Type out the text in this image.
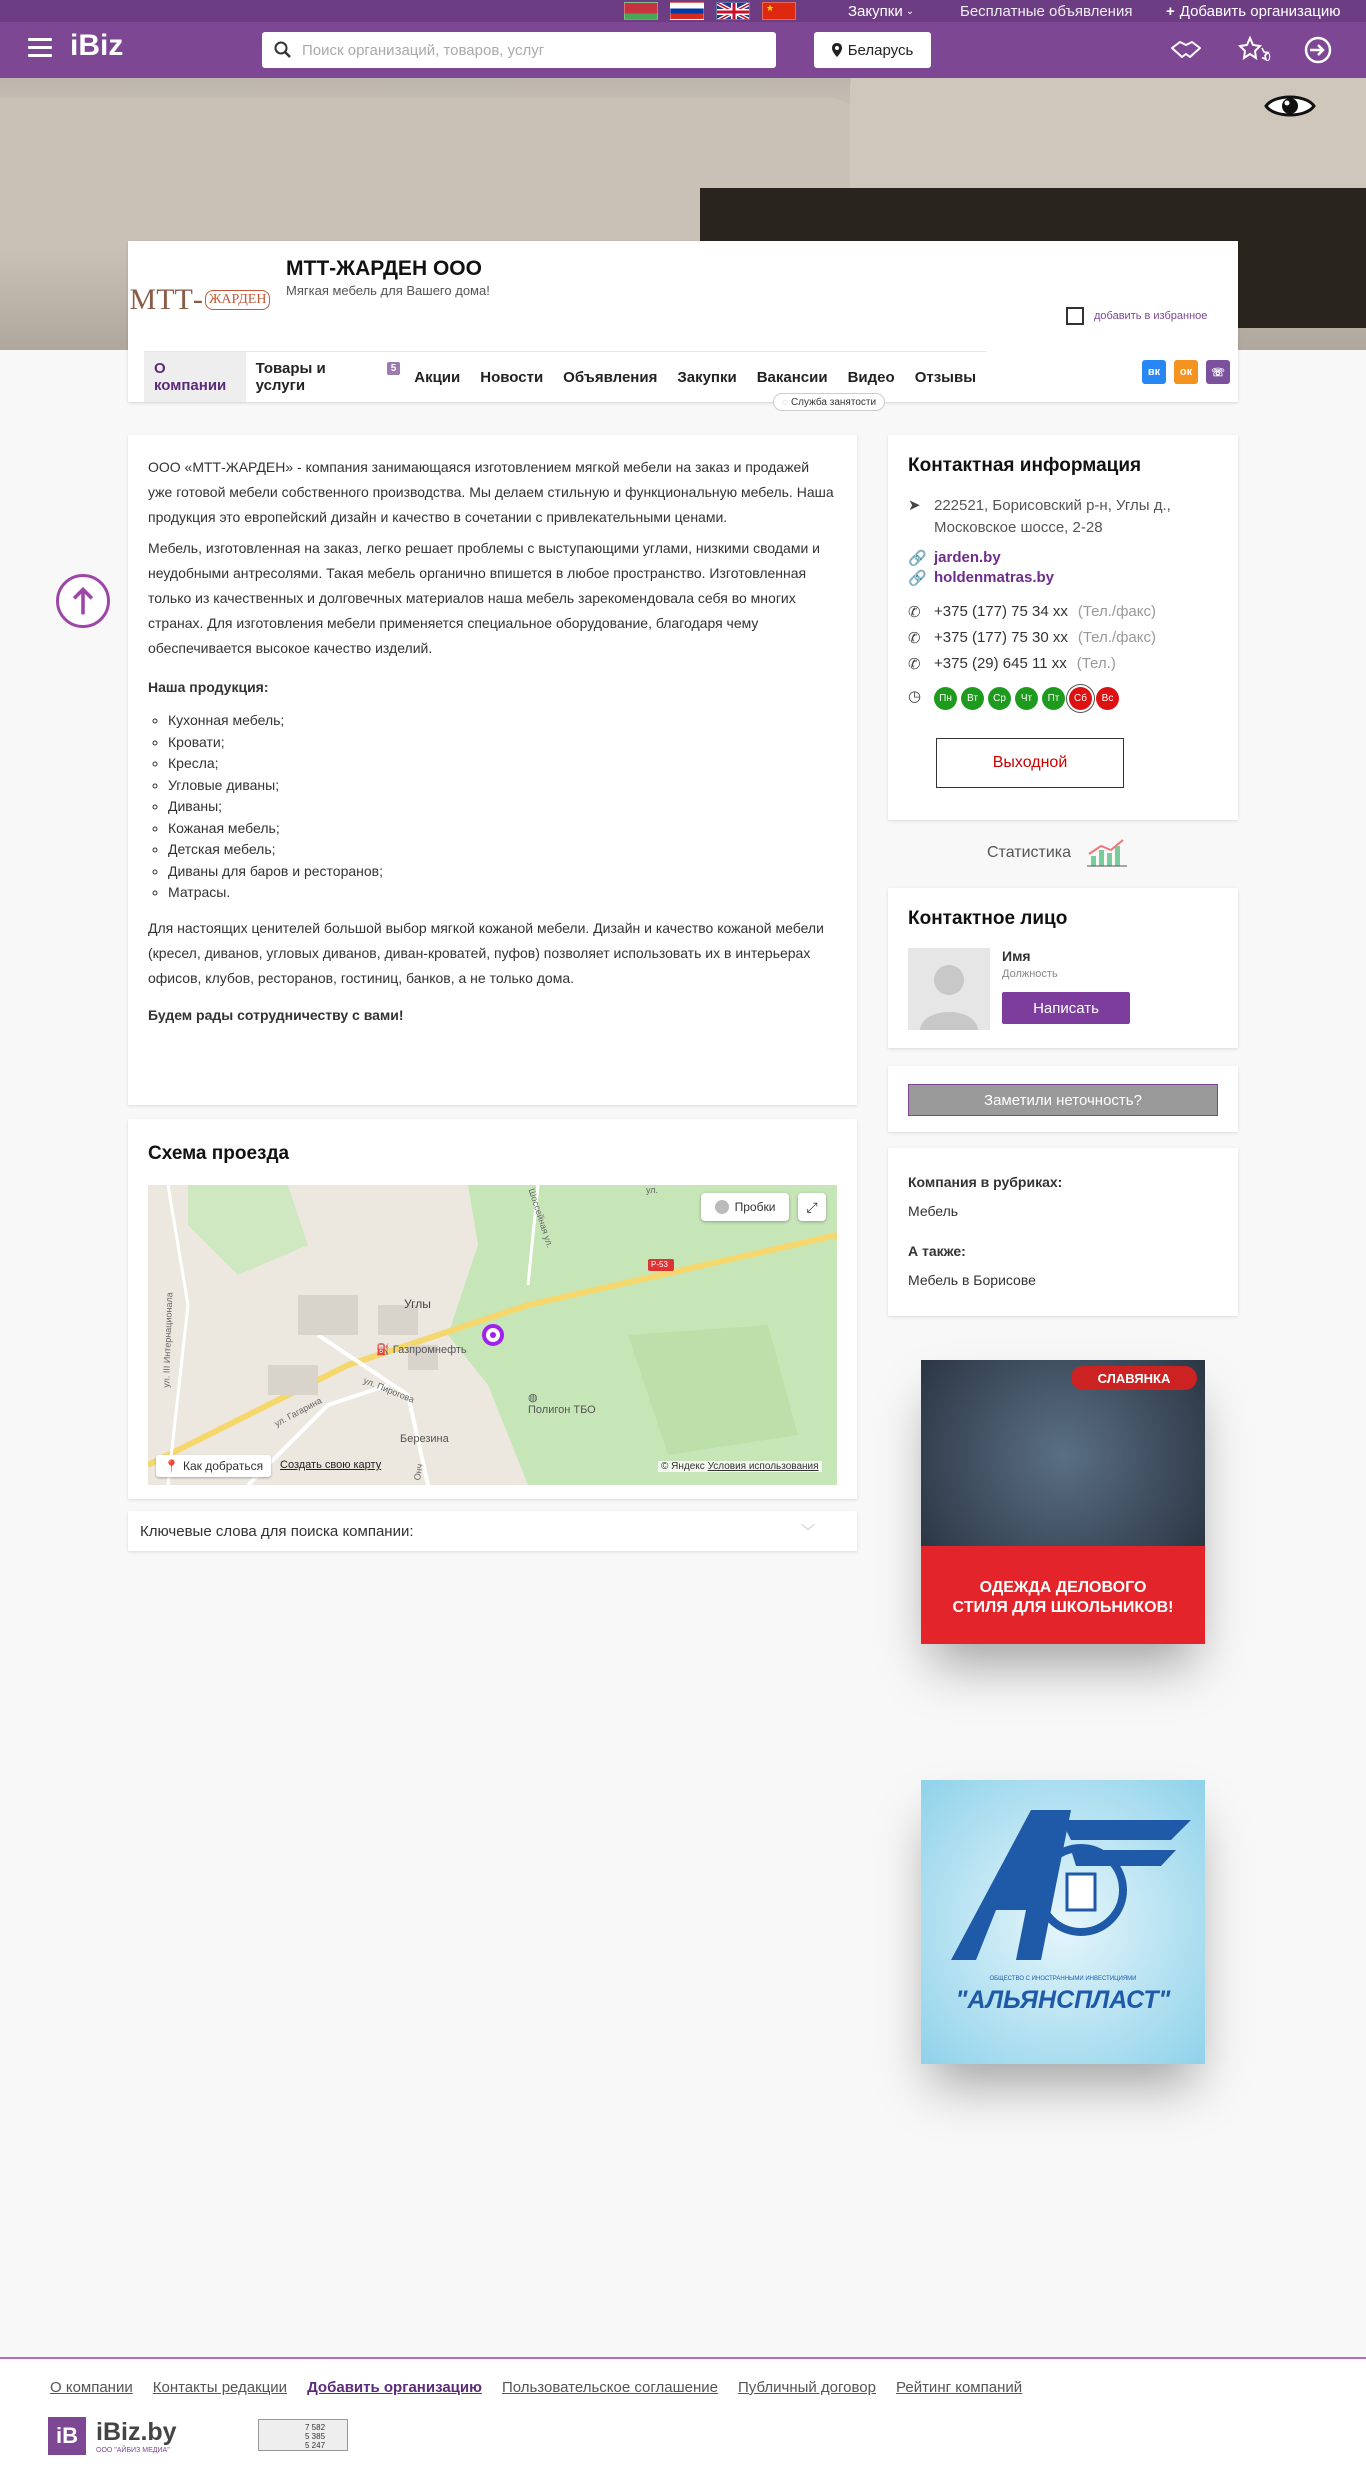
★	Закупки ⌄	Бесплатные объявления + Добавить организацию
iBiz	Поиск организаций, товаров, услуг	Беларусь	0
МТТ- ЖАРДЕН
МТТ-ЖАРДЕН ООО
Мягкая мебель для Вашего дома!
добавить в избранное
О компании
Товары и услуги
5	Акции	Новости	Объявления	Закупки	Вакансии	Видео	Отзывы
◌ Служба занятости
вк	ок	☏

ООО «МТТ-ЖАРДЕН» - компания занимающаяся изготовлением мягкой мебели на заказ и продажей уже готовой мебели собственного производства. Мы делаем стильную и функциональную мебель. Наша продукция это европейский дизайн и качество в сочетании с привлекательными ценами.

Мебель, изготовленная на заказ, легко решает проблемы с выступающими углами, низкими сводами и неудобными антресолями. Такая мебель органично впишется в любое пространство. Изготовленная только из качественных и долговечных материалов наша мебель зарекомендовала себя во многих странах. Для изготовления мебели применяется специальное оборудование, благодаря чему обеспечивается высокое качество изделий.

Наша продукция:
◦ Кухонная мебель;
◦ Кровати;
◦ Кресла;
◦ Угловые диваны;
◦ Диваны;
◦ Кожаная мебель;
◦ Детская мебель;
◦ Диваны для баров и ресторанов;
◦ Матрасы.

Для настоящих ценителей большой выбор мягкой кожаной мебели. Дизайн и качество кожаной мебели (кресел, диванов, угловых диванов, диван-кроватей, пуфов) позволяет использовать их в интерьерах офисов, клубов, ресторанов, гостиниц, банков, а не только дома.

Будем рады сотрудничеству с вами!

Схема проезда
Углы
⛽ Газпромнефть
◍
Полигон ТБО
Березина
ул. Пирогова
ул. Гагарина
ул. III Интернационала
Шоссейная ул.
Р-53
ул.
Онч
Пробки ⤢
📍 Как добраться Создать свою карту	© Яндекс Условия использования
Ключевые слова для поиска компании:	﹀
Контактная информация
➤ 222521, Борисовский р-н, Углы д., Московское шоссе, 2-28
🔗 jarden.by
🔗 holdenmatras.by
✆ +375 (177) 75 34 xx (Тел./факс)
✆ +375 (177) 75 30 xx (Тел./факс)
✆ +375 (29) 645 11 xx (Тел.)
◷	Пн	Вт	Ср	Чт	Пт	Сб	Вс
Выходной
Статистика
Контактное лицо
Имя
Должность
Написать
Заметили неточность?
Компания в рубриках:
Мебель
А также:
Мебель в Борисове
СЛАВЯНКА
ОДЕЖДА ДЕЛОВОГО СТИЛЯ ДЛЯ ШКОЛЬНИКОВ!
ОБЩЕСТВО С ИНОСТРАННЫМИ ИНВЕСТИЦИЯМИ
"АЛЬЯНСПЛАСТ"
О компании Контакты редакции Добавить организацию Пользовательское соглашение Публичный договор Рейтинг компаний
iB iBiz.by
ООО "АЙБИЗ МЕДИА"
7 582
5 385
5 247
